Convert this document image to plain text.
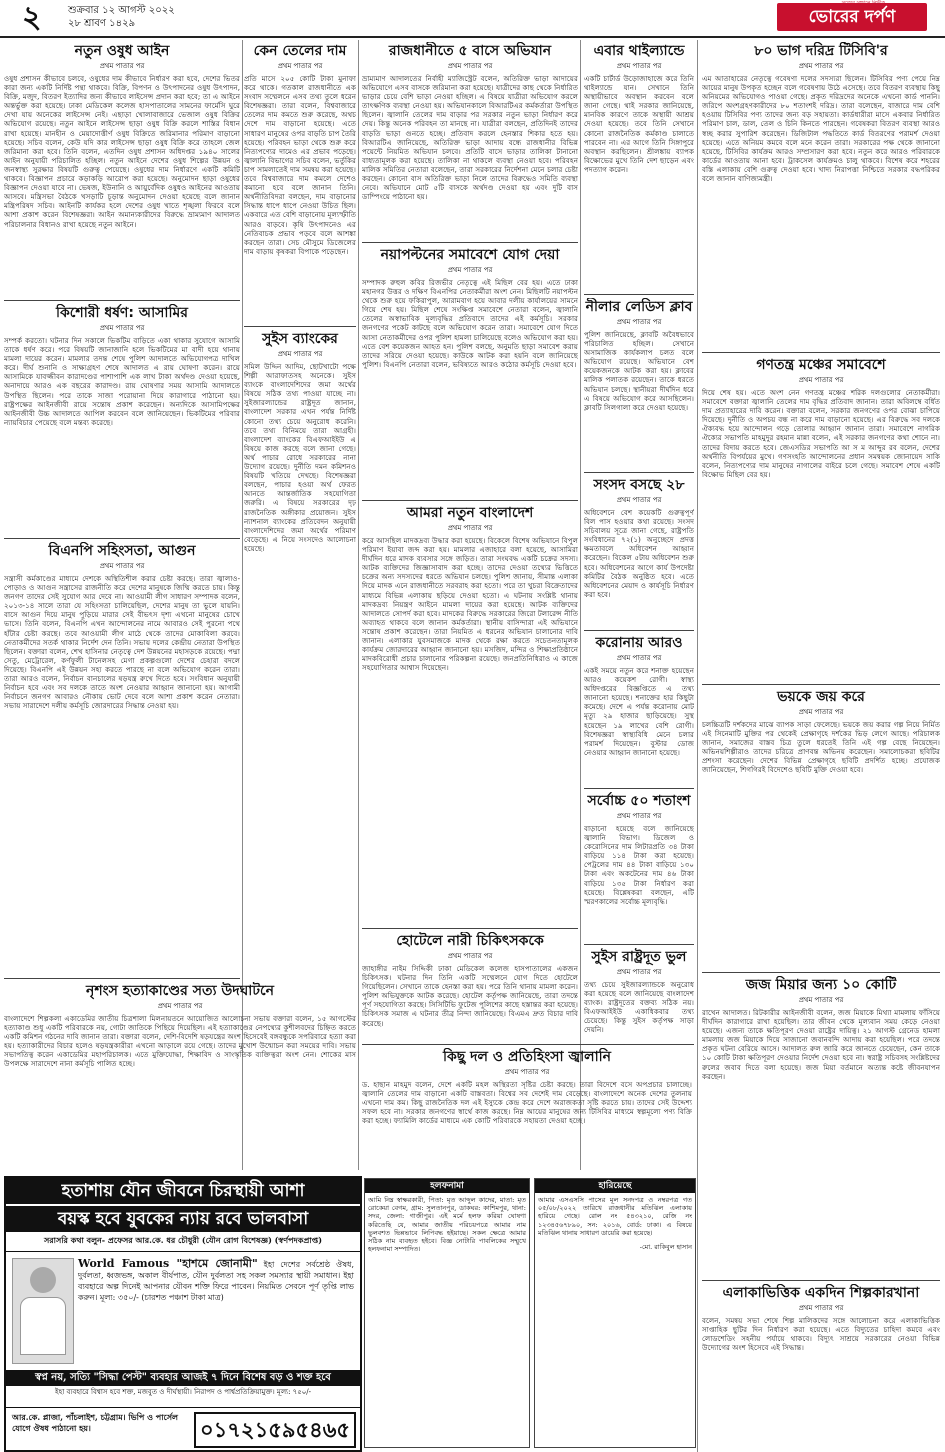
২	শুক্রবার ১২ আগস্ট ২০২২
২৮ শ্রাবণ ১৪২৯	ভোরের দর্পণ
নতুন ওষুধ আইন
প্রথম পাতার পর

ওষুধ প্রশাসন কীভাবে চলবে, ওষুধের দাম কীভাবে নির্ধারণ করা হবে, দেশের ভিতর কারা জন্য একটি নির্দিষ্ট পন্থা থাকবে। বিক্রি, বিপণন ও উৎপাদনের ওষুধ উৎপাদন, বিক্রি, মজুদ, বিতরণ ইত্যাদির জন্য কীভাবে লাইসেন্স প্রদান করা হবে; তা এ আইনে অন্তর্ভুক্ত করা হয়েছে। ঢাকা মেডিকেল কলেজ হাসপাতালের সামনের ফার্মেসি ঘুরে দেখা যায় অনেকের লাইসেন্স নেই। এছাড়া খোলাবাজারে ভেজাল ওষুধ বিক্রির অভিযোগ রয়েছে। নতুন আইনে লাইসেন্স ছাড়া ওষুধ বিক্রি করলে শাস্তির বিধান রাখা হয়েছে। মানহীন ও মেয়াদোত্তীর্ণ ওষুধ বিক্রিতে জরিমানার পরিমাণ বাড়ানো হয়েছে। সচিব বলেন, কেউ যদি কার লাইসেন্স ছাড়া ওষুধ বিক্রি করে তাহলে জেল জরিমানা করা হবে। তিনি বলেন, এতদিন ওষুধ প্রশাসন অধিদপ্তর ১৯৪০ সালের আইন অনুযায়ী পরিচালিত হচ্ছিল। নতুন আইনে দেশের ওষুধ শিল্পের উন্নয়ন ও জনস্বাস্থ্য সুরক্ষার বিষয়টি গুরুত্ব পেয়েছে। ওষুধের দাম নির্ধারণে একটি কমিটি থাকবে। বিজ্ঞাপন প্রচারে কড়াকড়ি আরোপ করা হয়েছে। অনুমোদন ছাড়া ওষুধের বিজ্ঞাপন দেওয়া যাবে না। ভেষজ, ইউনানি ও আয়ুর্বেদিক ওষুধও আইনের আওতায় আসবে। মন্ত্রিসভা বৈঠকে খসড়াটি চূড়ান্ত অনুমোদন দেওয়া হয়েছে বলে জানান মন্ত্রিপরিষদ সচিব। আইনটি কার্যকর হলে দেশের ওষুধ খাতে শৃঙ্খলা ফিরবে বলে আশা প্রকাশ করেন বিশেষজ্ঞরা। আইন অমান্যকারীদের বিরুদ্ধে ভ্রাম্যমাণ আদালত পরিচালনার বিধানও রাখা হয়েছে নতুন আইনে।

কিশোরী ধর্ষণ: আসামির
প্রথম পাতার পর

সম্পর্ক করতো। ঘটনার দিন সকালে ভিকটিম বাড়িতে একা থাকার সুযোগে আসামি তাকে ধর্ষণ করে। পরে বিষয়টি জানাজানি হলে ভিকটিমের মা বাদী হয়ে থানায় মামলা দায়ের করেন। মামলার তদন্ত শেষে পুলিশ আদালতে অভিযোগপত্র দাখিল করে। দীর্ঘ শুনানি ও সাক্ষ্যগ্রহণ শেষে আদালত এ রায় ঘোষণা করেন। রায়ে আসামিকে যাবজ্জীবন কারাদণ্ডের পাশাপাশি এক লাখ টাকা অর্থদণ্ড দেওয়া হয়েছে, অনাদায়ে আরও এক বছরের কারাদণ্ড। রায় ঘোষণার সময় আসামি আদালতে উপস্থিত ছিলেন। পরে তাকে সাজা পরোয়ানা দিয়ে কারাগারে পাঠানো হয়। রাষ্ট্রপক্ষের আইনজীবী রায়ে সন্তোষ প্রকাশ করেছেন। অন্যদিকে আসামিপক্ষের আইনজীবী উচ্চ আদালতে আপিল করবেন বলে জানিয়েছেন। ভিকটিমের পরিবার ন্যায়বিচার পেয়েছে বলে মন্তব্য করেছে।

বিএনপি সহিংসতা, আগুন
প্রথম পাতার পর

সন্ত্রাসী কর্মকাণ্ডের মাধ্যমে দেশকে অস্থিতিশীল করার চেষ্টা করছে। তারা জ্বালাও-পোড়াও ও আগুন সন্ত্রাসের রাজনীতি করে দেশের মানুষকে জিম্মি করতে চায়। কিন্তু জনগণ তাদের সেই সুযোগ আর দেবে না। আওয়ামী লীগ সাধারণ সম্পাদক বলেন, ২০১৩-১৪ সালে তারা যে সহিংসতা চালিয়েছিল, দেশের মানুষ তা ভুলে যায়নি। বাসে আগুন দিয়ে মানুষ পুড়িয়ে মারার সেই বীভৎস দৃশ্য এখনো মানুষের চোখে ভাসে। তিনি বলেন, বিএনপি এখন আন্দোলনের নামে আবারও সেই পুরনো পথে হাঁটার চেষ্টা করছে। তবে আওয়ামী লীগ মাঠে থেকে তাদের মোকাবিলা করবে। নেতাকর্মীদের সতর্ক থাকার নির্দেশ দেন তিনি। সভায় দলের কেন্দ্রীয় নেতারা উপস্থিত ছিলেন। বক্তারা বলেন, শেখ হাসিনার নেতৃত্বে দেশ উন্নয়নের মহাসড়কে রয়েছে। পদ্মা সেতু, মেট্রোরেল, কর্ণফুলী টানেলসহ মেগা প্রকল্পগুলো দেশের চেহারা বদলে দিয়েছে। বিএনপি এই উন্নয়ন সহ্য করতে পারছে না বলে অভিযোগ করেন তারা। তারা আরও বলেন, নির্বাচন বানচালের ষড়যন্ত্র রুখে দিতে হবে। সংবিধান অনুযায়ী নির্বাচন হবে এবং সব দলকে তাতে অংশ নেওয়ার আহ্বান জানানো হয়। আগামী নির্বাচনে জনগণ আবারও নৌকায় ভোট দেবে বলে আশা প্রকাশ করেন নেতারা। সভায় সারাদেশে দলীয় কর্মসূচি জোরদারের সিদ্ধান্ত নেওয়া হয়।

নৃশংস হত্যাকাণ্ডের সত্য উদঘাটনে
প্রথম পাতার পর

বাংলাদেশে শিল্পকলা একাডেমির জাতীয় চিত্রশালা মিলনায়তনে আয়োজিত আলোচনা সভায় বক্তারা বলেন, ১৫ আগস্টের হত্যাকাণ্ড শুধু একটি পরিবারকে নয়, গোটা জাতিকে পিছিয়ে দিয়েছিল। এই হত্যাকাণ্ডের নেপথ্যের কুশীলবদের চিহ্নিত করতে একটি কমিশন গঠনের দাবি জানান তারা। বক্তারা বলেন, দেশি-বিদেশি ষড়যন্ত্রের অংশ হিসেবেই বঙ্গবন্ধুকে সপরিবারে হত্যা করা হয়। হত্যাকারীদের বিচার হলেও ষড়যন্ত্রকারীরা এখনো আড়ালে রয়ে গেছে। তাদের মুখোশ উন্মোচন করা সময়ের দাবি। সভায় সভাপতিত্ব করেন একাডেমির মহাপরিচালক। এতে মুক্তিযোদ্ধা, শিক্ষাবিদ ও সাংস্কৃতিক ব্যক্তিত্বরা অংশ নেন। শোকের মাস উপলক্ষে সারাদেশে নানা কর্মসূচি পালিত হচ্ছে।

কেন তেলের দাম
প্রথম পাতার পর

প্রতি মাসে ২০৫ কোটি টাকা মুনাফা করে থাকে। গতকাল রাজধানীতে এক সংবাদ সম্মেলনে এসব তথ্য তুলে ধরেন বিশেষজ্ঞরা। তারা বলেন, বিশ্ববাজারে তেলের দাম কমতে শুরু করেছে, অথচ দেশে দাম বাড়ানো হয়েছে। এতে সাধারণ মানুষের ওপর বাড়তি চাপ তৈরি হয়েছে। পরিবহন ভাড়া থেকে শুরু করে নিত্যপণ্যের দামেও এর প্রভাব পড়েছে। জ্বালানি বিভাগের সচিব বলেন, ভর্তুকির চাপ সামলাতেই দাম সমন্বয় করা হয়েছে। তবে বিশ্ববাজারে দাম কমলে দেশেও কমানো হবে বলে জানান তিনি। অর্থনীতিবিদরা বলছেন, দাম বাড়ানোর সিদ্ধান্ত ধাপে ধাপে নেওয়া উচিত ছিল। একবারে এত বেশি বাড়ানোয় মূল্যস্ফীতি আরও বাড়বে। কৃষি উৎপাদনেও এর নেতিবাচক প্রভাব পড়বে বলে আশঙ্কা করছেন তারা। সেচ মৌসুমে ডিজেলের দাম বাড়ায় কৃষকরা বিপাকে পড়েছেন।

সুইস ব্যাংকের
প্রথম পাতার পর

সমিল উদ্দিন আদিম, ছোটখাটো পক্ষে শিল্পী আরাফাতসহ অনেকে। সুইস ব্যাংকে বাংলাদেশিদের জমা অর্থের বিষয়ে সঠিক তথ্য পাওয়া যাচ্ছে না। সুইজারল্যান্ডের রাষ্ট্রদূত জানান, বাংলাদেশ সরকার এখন পর্যন্ত নির্দিষ্ট কোনো তথ্য চেয়ে অনুরোধ করেনি। তবে তথ্য বিনিময়ে তারা আগ্রহী। বাংলাদেশ ব্যাংকের বিএফআইইউ এ বিষয়ে কাজ করছে বলে জানা গেছে। অর্থ পাচার রোধে সরকারের নানা উদ্যোগ রয়েছে। দুর্নীতি দমন কমিশনও বিষয়টি খতিয়ে দেখছে। বিশেষজ্ঞরা বলছেন, পাচার হওয়া অর্থ ফেরত আনতে আন্তর্জাতিক সহযোগিতা জরুরি। এ বিষয়ে সরকারের দৃঢ় রাজনৈতিক অঙ্গীকার প্রয়োজন। সুইস ন্যাশনাল ব্যাংকের প্রতিবেদন অনুযায়ী বাংলাদেশিদের জমা অর্থের পরিমাণ বেড়েছে। এ নিয়ে সংসদেও আলোচনা হয়েছে।

রাজধানীতে ৫ বাসে অভিযান
প্রথম পাতার পর

ভ্রাম্যমাণ আদালতের নির্বাহী ম্যাজিস্ট্রেট বলেন, অতিরিক্ত ভাড়া আদায়ের অভিযোগে এসব বাসকে জরিমানা করা হয়েছে। যাত্রীদের কাছ থেকে নির্ধারিত ভাড়ার চেয়ে বেশি ভাড়া নেওয়া হচ্ছিল। এ বিষয়ে যাত্রীরা অভিযোগ করলে তাৎক্ষণিক ব্যবস্থা নেওয়া হয়। অভিযানকালে বিআরটিএর কর্মকর্তারা উপস্থিত ছিলেন। জ্বালানি তেলের দাম বাড়ার পর সরকার নতুন ভাড়া নির্ধারণ করে দেয়। কিন্তু অনেক পরিবহন তা মানছে না। যাত্রীরা বলছেন, প্রতিদিনই তাদের বাড়তি ভাড়া গুনতে হচ্ছে। প্রতিবাদ করলে হেনস্তার শিকার হতে হয়। বিআরটিএ জানিয়েছে, অতিরিক্ত ভাড়া আদায় বন্ধে রাজধানীর বিভিন্ন পয়েন্টে নিয়মিত অভিযান চলবে। প্রতিটি বাসে ভাড়ার তালিকা টানানো বাধ্যতামূলক করা হয়েছে। তালিকা না থাকলে ব্যবস্থা নেওয়া হবে। পরিবহন মালিক সমিতির নেতারা বলেছেন, তারা সরকারের নির্দেশনা মেনে চলার চেষ্টা করছেন। কোনো বাস অতিরিক্ত ভাড়া নিলে তাদের বিরুদ্ধেও সমিতি ব্যবস্থা নেবে। অভিযানে মোট ৫টি বাসকে অর্থদণ্ড দেওয়া হয় এবং দুটি বাস ডাম্পিংয়ে পাঠানো হয়।

নয়াপল্টনের সমাবেশে যোগ দেয়া
প্রথম পাতার পর

সম্পাদক রুহুল কবির রিজভীর নেতৃত্বে এই মিছিল বের হয়। এতে ঢাকা মহানগর উত্তর ও দক্ষিণ বিএনপির নেতাকর্মীরা অংশ নেন। মিছিলটি নয়াপল্টন থেকে শুরু হয়ে ফকিরাপুল, আরামবাগ হয়ে আবার দলীয় কার্যালয়ের সামনে গিয়ে শেষ হয়। মিছিল শেষে সংক্ষিপ্ত সমাবেশে নেতারা বলেন, জ্বালানি তেলের অস্বাভাবিক মূল্যবৃদ্ধির প্রতিবাদে তাদের এই কর্মসূচি। সরকার জনগণের পকেট কাটছে বলে অভিযোগ করেন তারা। সমাবেশে যোগ দিতে আসা নেতাকর্মীদের ওপর পুলিশ হামলা চালিয়েছে বলেও অভিযোগ করা হয়। এতে বেশ কয়েকজন আহত হন। পুলিশ বলছে, অনুমতি ছাড়া সমাবেশ করায় তাদের সরিয়ে দেওয়া হয়েছে। কাউকে আটক করা হয়নি বলে জানিয়েছে পুলিশ। বিএনপি নেতারা বলেন, ভবিষ্যতে আরও কঠোর কর্মসূচি দেওয়া হবে।

আমরা নতুন বাংলাদেশ
প্রথম পাতার পর

করে আসছিল মাদকদ্রব্য উদ্ধার করা হয়েছে। বিকেলে বিশেষ অভিযানে বিপুল পরিমাণ ইয়াবা জব্দ করা হয়। মামলার এজাহারে বলা হয়েছে, আসামিরা দীর্ঘদিন ধরে মাদক ব্যবসার সঙ্গে জড়িত। তারা সংঘবদ্ধ একটি চক্রের সদস্য। আটক ব্যক্তিদের জিজ্ঞাসাবাদ করা হচ্ছে। তাদের দেওয়া তথ্যের ভিত্তিতে চক্রের অন্য সদস্যদের ধরতে অভিযান চলছে। পুলিশ জানায়, সীমান্ত এলাকা দিয়ে মাদক এনে রাজধানীতে সরবরাহ করা হতো। পরে তা খুচরা বিক্রেতাদের মাধ্যমে বিভিন্ন এলাকায় ছড়িয়ে দেওয়া হতো। এ ঘটনায় সংশ্লিষ্ট থানায় মাদকদ্রব্য নিয়ন্ত্রণ আইনে মামলা দায়ের করা হয়েছে। আটক ব্যক্তিদের আদালতে সোপর্দ করা হবে। মাদকের বিরুদ্ধে সরকারের জিরো টলারেন্স নীতি অব্যাহত থাকবে বলে জানান কর্মকর্তারা। স্থানীয় বাসিন্দারা এই অভিযানে সন্তোষ প্রকাশ করেছেন। তারা নিয়মিত এ ধরনের অভিযান চালানোর দাবি জানান। এলাকার যুবসমাজকে মাদক থেকে রক্ষা করতে সচেতনতামূলক কার্যক্রম জোরদারের আহ্বান জানানো হয়। মসজিদ, মন্দির ও শিক্ষাপ্রতিষ্ঠানে মাদকবিরোধী প্রচার চালানোর পরিকল্পনা রয়েছে। জনপ্রতিনিধিরাও এ কাজে সহযোগিতার আশ্বাস দিয়েছেন।

হোটেলে নারী চিকিৎসককে
প্রথম পাতার পর

জাহাঙ্গীর নাইম সিদ্দিকী ঢাকা মেডিকেল কলেজ হাসপাতালের একজন চিকিৎসক। ঘটনার দিন তিনি একটি সম্মেলনে যোগ দিতে হোটেলে গিয়েছিলেন। সেখানে তাকে হেনস্তা করা হয়। পরে তিনি থানায় মামলা করেন। পুলিশ অভিযুক্তকে আটক করেছে। হোটেল কর্তৃপক্ষ জানিয়েছে, তারা তদন্তে পূর্ণ সহযোগিতা করছে। সিসিটিভি ফুটেজ পুলিশের কাছে হস্তান্তর করা হয়েছে। চিকিৎসক সমাজ এ ঘটনার তীব্র নিন্দা জানিয়েছে। বিএমএ দ্রুত বিচার দাবি করেছে।

কিছু দল ও প্রতিহিংসা জ্বালানি
প্রথম পাতার পর

ড. হাছান মাহমুদ বলেন, দেশে একটি মহল অস্থিরতা সৃষ্টির চেষ্টা করছে। তারা বিদেশে বসে অপপ্রচার চালাচ্ছে। জ্বালানি তেলের দাম বাড়ানো একটি বাস্তবতা। বিশ্বের সব দেশেই দাম বেড়েছে। বাংলাদেশে অনেক দেশের তুলনায় এখনো দাম কম। কিছু রাজনৈতিক দল এই ইস্যুকে কেন্দ্র করে দেশে অরাজকতা সৃষ্টি করতে চায়। তাদের সেই উদ্দেশ্য সফল হবে না। সরকার জনগণের স্বার্থে কাজ করছে। নিম্ন আয়ের মানুষের জন্য টিসিবির মাধ্যমে স্বল্পমূল্যে পণ্য বিক্রি করা হচ্ছে। ফ্যামিলি কার্ডের মাধ্যমে এক কোটি পরিবারকে সহায়তা দেওয়া হচ্ছে।

এবার থাইল্যান্ডে
প্রথম পাতার পর

একটি চার্টার্ড উড়োজাহাজে করে তিনি থাইল্যান্ডে যান। সেখানে তিনি অস্থায়ীভাবে অবস্থান করবেন বলে জানা গেছে। থাই সরকার জানিয়েছে, মানবিক কারণে তাকে অস্থায়ী আশ্রয় দেওয়া হয়েছে। তবে তিনি সেখানে কোনো রাজনৈতিক কর্মকাণ্ড চালাতে পারবেন না। এর আগে তিনি সিঙ্গাপুরে অবস্থান করছিলেন। শ্রীলঙ্কায় ব্যাপক বিক্ষোভের মুখে তিনি দেশ ছাড়েন এবং পদত্যাগ করেন।

নীলার লেডিস ক্লাব
প্রথম পাতার পর

পুলিশ জানিয়েছে, ক্লাবটি অবৈধভাবে পরিচালিত হচ্ছিল। সেখানে অসামাজিক কার্যকলাপ চলত বলে অভিযোগ রয়েছে। অভিযানে বেশ কয়েকজনকে আটক করা হয়। ক্লাবের মালিক পলাতক রয়েছেন। তাকে ধরতে অভিযান চলছে। স্থানীয়রা দীর্ঘদিন ধরে এ বিষয়ে অভিযোগ করে আসছিলেন। ক্লাবটি সিলগালা করে দেওয়া হয়েছে।

সংসদ বসছে ২৮
প্রথম পাতার পর

অধিবেশনে বেশ কয়েকটি গুরুত্বপূর্ণ বিল পাস হওয়ার কথা রয়েছে। সংসদ সচিবালয় সূত্রে জানা গেছে, রাষ্ট্রপতি সংবিধানের ৭২(১) অনুচ্ছেদে প্রদত্ত ক্ষমতাবলে অধিবেশন আহ্বান করেছেন। বিকেল ৫টায় অধিবেশন শুরু হবে। অধিবেশনের আগে কার্য উপদেষ্টা কমিটির বৈঠক অনুষ্ঠিত হবে। এতে অধিবেশনের মেয়াদ ও কার্যসূচি নির্ধারণ করা হবে।

করোনায় আরও
প্রথম পাতার পর

একই সময়ে নতুন করে শনাক্ত হয়েছেন আরও কয়েকশ রোগী। স্বাস্থ্য অধিদপ্তরের বিজ্ঞপ্তিতে এ তথ্য জানানো হয়েছে। শনাক্তের হার কিছুটা কমেছে। দেশে এ পর্যন্ত করোনায় মোট মৃত্যু ২৯ হাজার ছাড়িয়েছে। সুস্থ হয়েছেন ১৯ লাখের বেশি রোগী। বিশেষজ্ঞরা স্বাস্থ্যবিধি মেনে চলার পরামর্শ দিয়েছেন। বুস্টার ডোজ নেওয়ার আহ্বান জানানো হয়েছে।

সর্বোচ্চ ৫০ শতাংশ
প্রথম পাতার পর

বাড়ানো হয়েছে বলে জানিয়েছে জ্বালানি বিভাগ। ডিজেল ও কেরোসিনের দাম লিটারপ্রতি ৩৪ টাকা বাড়িয়ে ১১৪ টাকা করা হয়েছে। পেট্রলের দাম ৪৪ টাকা বাড়িয়ে ১৩০ টাকা এবং অকটেনের দাম ৪৬ টাকা বাড়িয়ে ১৩৫ টাকা নির্ধারণ করা হয়েছে। বিশ্লেষকরা বলছেন, এটি স্মরণকালের সর্বোচ্চ মূল্যবৃদ্ধি।

সুইস রাষ্ট্রদূত ভুল
প্রথম পাতার পর

তথ্য চেয়ে সুইজারল্যান্ডকে অনুরোধ করা হয়েছে বলে জানিয়েছে বাংলাদেশ ব্যাংক। রাষ্ট্রদূতের বক্তব্য সঠিক নয়। বিএফআইইউ একাধিকবার তথ্য চেয়েছে। কিন্তু সুইস কর্তৃপক্ষ সাড়া দেয়নি।

৮০ ভাগ দরিদ্র টিসিবি'র
প্রথম পাতার পর

এম আতাহারের নেতৃত্বে গবেষণা দলের সদস্যরা ছিলেন। টিসিবির পণ্য পেয়ে নিম্ন আয়ের মানুষ উপকৃত হচ্ছেন বলে গবেষণায় উঠে এসেছে। তবে বিতরণ ব্যবস্থায় কিছু অনিয়মের অভিযোগও পাওয়া গেছে। প্রকৃত দরিদ্রদের অনেকে এখনো কার্ড পাননি। জরিপে অংশগ্রহণকারীদের ৮০ শতাংশই দরিদ্র। তারা বলেছেন, বাজারে দাম বেশি হওয়ায় টিসিবির পণ্য তাদের জন্য বড় সহায়তা। কার্ডধারীরা মাসে একবার নির্ধারিত পরিমাণ চাল, ডাল, তেল ও চিনি কিনতে পারছেন। গবেষকরা বিতরণ ব্যবস্থা আরও স্বচ্ছ করার সুপারিশ করেছেন। ডিজিটাল পদ্ধতিতে কার্ড বিতরণের পরামর্শ দেওয়া হয়েছে। এতে অনিয়ম কমবে বলে মনে করেন তারা। সরকারের পক্ষ থেকে জানানো হয়েছে, টিসিবির কার্যক্রম আরও সম্প্রসারণ করা হবে। নতুন করে আরও পরিবারকে কার্ডের আওতায় আনা হবে। ট্রাকসেল কার্যক্রমও চালু থাকবে। বিশেষ করে শহরের বস্তি এলাকায় বেশি গুরুত্ব দেওয়া হবে। খাদ্য নিরাপত্তা নিশ্চিতে সরকার বদ্ধপরিকর বলে জানান বাণিজ্যমন্ত্রী।

গণতন্ত্র মঞ্চের সমাবেশে
প্রথম পাতার পর

দিয়ে শেষ হয়। এতে অংশ নেন গণতন্ত্র মঞ্চের শরিক দলগুলোর নেতাকর্মীরা। সমাবেশে বক্তারা জ্বালানি তেলের দাম বৃদ্ধির প্রতিবাদ জানান। তারা অবিলম্বে বর্ধিত দাম প্রত্যাহারের দাবি করেন। বক্তারা বলেন, সরকার জনগণের ওপর বোঝা চাপিয়ে দিয়েছে। দুর্নীতি ও অপচয় বন্ধ না করে দাম বাড়ানো হয়েছে। এর বিরুদ্ধে সব দলকে ঐক্যবদ্ধ হয়ে আন্দোলন গড়ে তোলার আহ্বান জানান তারা। সমাবেশে নাগরিক ঐক্যের সভাপতি মাহমুদুর রহমান মান্না বলেন, এই সরকার জনগণের কথা শোনে না। তাদের বিদায় করতে হবে। জেএসডির সভাপতি আ স ম আব্দুর রব বলেন, দেশের অর্থনীতি বিপর্যয়ের মুখে। গণসংহতি আন্দোলনের প্রধান সমন্বয়ক জোনায়েদ সাকি বলেন, নিত্যপণ্যের দাম মানুষের নাগালের বাইরে চলে গেছে। সমাবেশ শেষে একটি বিক্ষোভ মিছিল বের হয়।

ভয়কে জয় করে
প্রথম পাতার পর

চলচ্চিত্রটি দর্শকদের মাঝে ব্যাপক সাড়া ফেলেছে। ভয়কে জয় করার গল্প নিয়ে নির্মিত এই সিনেমাটি মুক্তির পর থেকেই প্রেক্ষাগৃহে দর্শকের ভিড় লেগে আছে। পরিচালক জানান, সমাজের বাস্তব চিত্র তুলে ধরতেই তিনি এই গল্প বেছে নিয়েছেন। অভিনয়শিল্পীরাও তাদের চরিত্রে প্রাণবন্ত অভিনয় করেছেন। সমালোচকরা ছবিটির প্রশংসা করেছেন। দেশের বিভিন্ন প্রেক্ষাগৃহে ছবিটি প্রদর্শিত হচ্ছে। প্রযোজক জানিয়েছেন, শিগগিরই বিদেশেও ছবিটি মুক্তি দেওয়া হবে।

জজ মিয়ার জন্য ১০ কোটি
প্রথম পাতার পর

রাখেন আদালত। রিটকারীর আইনজীবী বলেন, জজ মিয়াকে মিথ্যা মামলায় ফাঁসিয়ে দীর্ঘদিন কারাগারে রাখা হয়েছিল। তার জীবন থেকে মূল্যবান সময় কেড়ে নেওয়া হয়েছে। এজন্য তাকে ক্ষতিপূরণ দেওয়া রাষ্ট্রের দায়িত্ব। ২১ আগস্ট গ্রেনেড হামলা মামলায় জজ মিয়াকে দিয়ে সাজানো জবানবন্দি আদায় করা হয়েছিল। পরে তদন্তে প্রকৃত ঘটনা বেরিয়ে আসে। আদালত রুল জারি করে জানতে চেয়েছেন, কেন তাকে ১০ কোটি টাকা ক্ষতিপূরণ দেওয়ার নির্দেশ দেওয়া হবে না। স্বরাষ্ট্র সচিবসহ সংশ্লিষ্টদের রুলের জবাব দিতে বলা হয়েছে। জজ মিয়া বর্তমানে অত্যন্ত কষ্টে জীবনযাপন করছেন।

এলাকাভিত্তিক একদিন শিল্পকারখানা
প্রথম পাতার পর

বলেন, সমন্বয় সভা শেষে শিল্প মালিকদের সঙ্গে আলোচনা করে এলাকাভিত্তিক সাপ্তাহিক ছুটির দিন নির্ধারণ করা হয়েছে। এতে বিদ্যুতের চাহিদা কমবে এবং লোডশেডিং সহনীয় পর্যায়ে থাকবে। বিদ্যুৎ সাশ্রয়ে সরকারের নেওয়া বিভিন্ন উদ্যোগের অংশ হিসেবে এই সিদ্ধান্ত।

হলফনামা

আমি নিম্ন স্বাক্ষরকারী, পিতা: মৃত আব্দুল কাদের, মাতা: মৃত রোকেয়া বেগম, গ্রাম: সুলতানপুর, ডাকঘর: কাশিমপুর, থানা: সদর, জেলা: গাজীপুর। এই মর্মে হলফ করিয়া ঘোষণা করিতেছি যে, আমার জাতীয় পরিচয়পত্রে আমার নাম ভুলবশত ভিন্নভাবে লিপিবদ্ধ হইয়াছে। সকল ক্ষেত্রে আমার সঠিক নাম ব্যবহৃত হইবে। বিজ্ঞ নোটারি পাবলিকের সম্মুখে হলফনামা সম্পাদিত।

হারিয়েছে

আমার এসএসসি পাসের মূল সনদপত্র ও নম্বরপত্র গত ০৫/০৮/২০২২ তারিখে রাজধানীর মতিঝিল এলাকায় হারিয়ে গেছে। রোল নং ৫৪৩২১০, রেজি নং ১২৩৪৫৬৭৮৯০, সন: ২০১৬, বোর্ড: ঢাকা। এ বিষয়ে মতিঝিল থানায় সাধারণ ডায়েরি করা হয়েছে।

-মো. রাকিবুল হাসান

হতাশায় যৌন জীবনে চিরস্থায়ী আশা
বয়স্ক হবে যুবকের ন্যায় রবে ভালবাসা
সরাসরি কথা বলুন- প্রফেসর আর.কে. ধর চৌধুরী (যৌন রোগ বিশেষজ্ঞ) (স্বর্ণপদকপ্রাপ্ত)
World Famous "হাশমে জোনামী" ইহা দেশের সর্বশ্রেষ্ঠ ঔষধ, দুর্বলতা, ধ্বজভঙ্গ, অকাল বীর্যপাত, যৌন দুর্বলতা সহ সকল সমস্যার স্থায়ী সমাধান। ইহা ব্যবহারে অল্প দিনেই আপনার যৌবন শক্তি ফিরে পাবেন। নিয়মিত সেবনে পূর্ণ তৃপ্তি লাভ করুন। মূল্য: ৩৫০/- (চারশত পঞ্চাশ টাকা মাত্র)
স্বপ্ন নয়, সত্যি "সিদ্ধা পেস্ট" ব্যবহার আজই ৭ দিনে বিশেষ বড় ও শক্ত হবে
ইহা ব্যবহারে বিশ্বাস হবে শক্ত, মজবুত ও দীর্ঘস্থায়ী। নিরাপদ ও পার্শ্বপ্রতিক্রিয়ামুক্ত। মূল্য: ৭৫০/-
আর.কে. প্লাজা, পাঁচলাইশ, চট্টগ্রাম। ভিপি ও পার্সেল যোগে ঔষধ পাঠানো হয়।	০১৭২১৫৯৫৪৬৫
